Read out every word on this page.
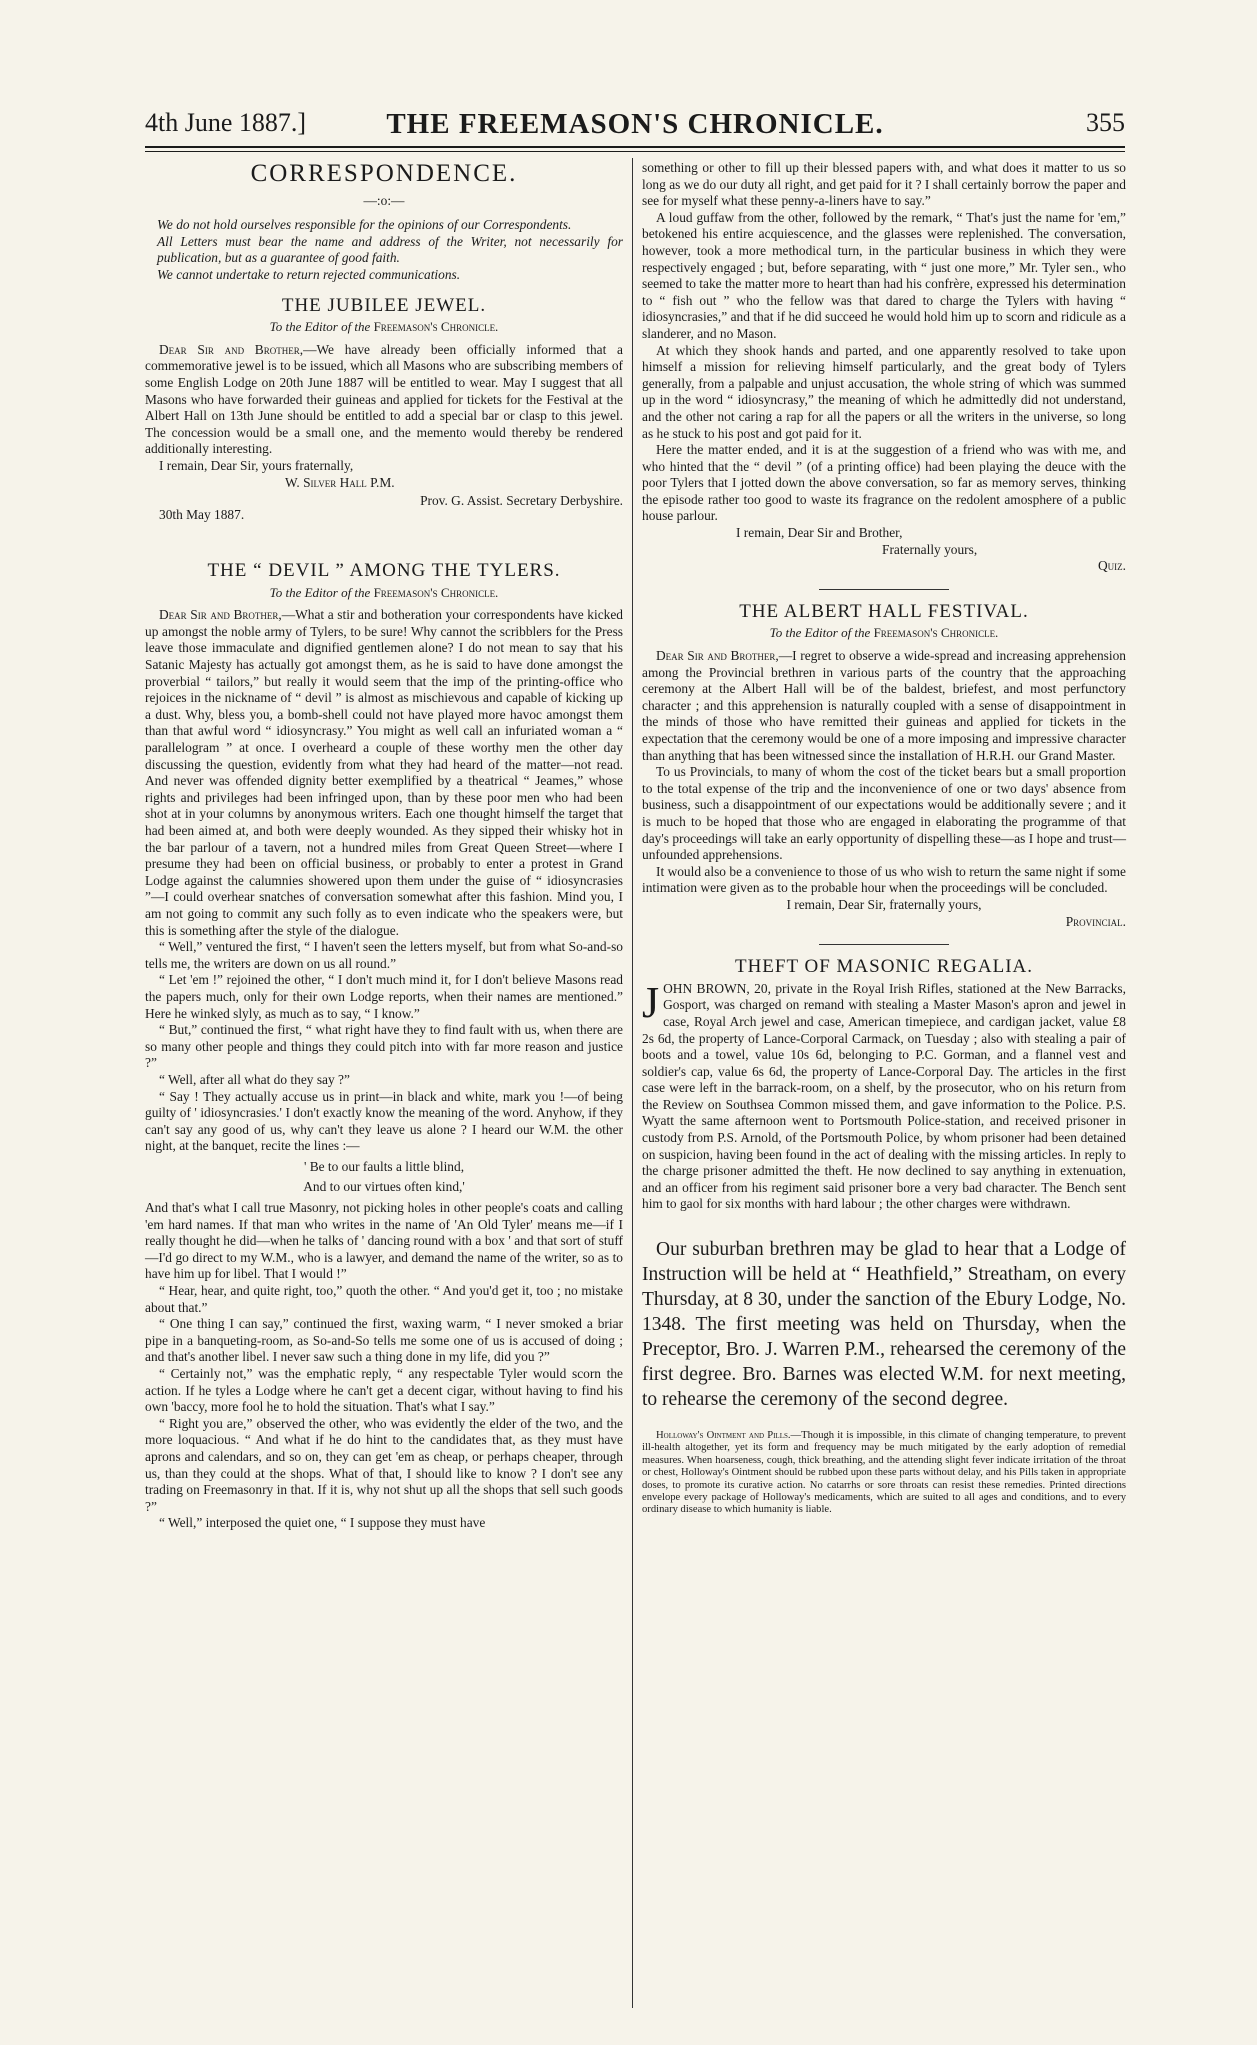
4th June 1887.]	THE FREEMASON'S CHRONICLE.	355
CORRESPONDENCE.
—:o:—

We do not hold ourselves responsible for the opinions of our Correspondents.

All Letters must bear the name and address of the Writer, not necessarily for publication, but as a guarantee of good faith.

We cannot undertake to return rejected communications.

THE JUBILEE JEWEL.
To the Editor of the Freemason's Chronicle.

Dear Sir and Brother,—We have already been officially informed that a commemorative jewel is to be issued, which all Masons who are subscribing members of some English Lodge on 20th June 1887 will be entitled to wear. May I suggest that all Masons who have forwarded their guineas and applied for tickets for the Festival at the Albert Hall on 13th June should be entitled to add a special bar or clasp to this jewel. The concession would be a small one, and the memento would thereby be rendered additionally interesting.

I remain, Dear Sir, yours fraternally,

W. Silver Hall P.M.
Prov. G. Assist. Secretary Derbyshire.
30th May 1887.
THE “ DEVIL ” AMONG THE TYLERS.
To the Editor of the Freemason's Chronicle.

Dear Sir and Brother,—What a stir and botheration your correspondents have kicked up amongst the noble army of Tylers, to be sure! Why cannot the scribblers for the Press leave those immaculate and dignified gentlemen alone? I do not mean to say that his Satanic Majesty has actually got amongst them, as he is said to have done amongst the proverbial “ tailors,” but really it would seem that the imp of the printing-office who rejoices in the nickname of “ devil ” is almost as mischievous and capable of kicking up a dust. Why, bless you, a bomb-shell could not have played more havoc amongst them than that awful word “ idiosyncrasy.” You might as well call an infuriated woman a “ parallelogram ” at once. I overheard a couple of these worthy men the other day discussing the question, evidently from what they had heard of the matter—not read. And never was offended dignity better exemplified by a theatrical “ Jeames,” whose rights and privileges had been infringed upon, than by these poor men who had been shot at in your columns by anonymous writers. Each one thought himself the target that had been aimed at, and both were deeply wounded. As they sipped their whisky hot in the bar parlour of a tavern, not a hundred miles from Great Queen Street—where I presume they had been on official business, or probably to enter a protest in Grand Lodge against the calumnies showered upon them under the guise of “ idiosyncrasies ”—I could overhear snatches of conversation somewhat after this fashion. Mind you, I am not going to commit any such folly as to even indicate who the speakers were, but this is something after the style of the dialogue.

“ Well,” ventured the first, “ I haven't seen the letters myself, but from what So-and-so tells me, the writers are down on us all round.”

“ Let 'em !” rejoined the other, “ I don't much mind it, for I don't believe Masons read the papers much, only for their own Lodge reports, when their names are mentioned.” Here he winked slyly, as much as to say, “ I know.”

“ But,” continued the first, “ what right have they to find fault with us, when there are so many other people and things they could pitch into with far more reason and justice ?”

“ Well, after all what do they say ?”

“ Say ! They actually accuse us in print—in black and white, mark you !—of being guilty of ' idiosyncrasies.' I don't exactly know the meaning of the word. Anyhow, if they can't say any good of us, why can't they leave us alone ? I heard our W.M. the other night, at the banquet, recite the lines :—

' Be to our faults a little blind,
And to our virtues often kind,'

And that's what I call true Masonry, not picking holes in other people's coats and calling 'em hard names. If that man who writes in the name of 'An Old Tyler' means me—if I really thought he did—when he talks of ' dancing round with a box ' and that sort of stuff—I'd go direct to my W.M., who is a lawyer, and demand the name of the writer, so as to have him up for libel. That I would !”

“ Hear, hear, and quite right, too,” quoth the other. “ And you'd get it, too ; no mistake about that.”

“ One thing I can say,” continued the first, waxing warm, “ I never smoked a briar pipe in a banqueting-room, as So-and-So tells me some one of us is accused of doing ; and that's another libel. I never saw such a thing done in my life, did you ?”

“ Certainly not,” was the emphatic reply, “ any respectable Tyler would scorn the action. If he tyles a Lodge where he can't get a decent cigar, without having to find his own 'baccy, more fool he to hold the situation. That's what I say.”

“ Right you are,” observed the other, who was evidently the elder of the two, and the more loquacious. “ And what if he do hint to the candidates that, as they must have aprons and calendars, and so on, they can get 'em as cheap, or perhaps cheaper, through us, than they could at the shops. What of that, I should like to know ? I don't see any trading on Freemasonry in that. If it is, why not shut up all the shops that sell such goods ?”

“ Well,” interposed the quiet one, “ I suppose they must have

something or other to fill up their blessed papers with, and what does it matter to us so long as we do our duty all right, and get paid for it ? I shall certainly borrow the paper and see for myself what these penny-a-liners have to say.”

A loud guffaw from the other, followed by the remark, “ That's just the name for 'em,” betokened his entire acquiescence, and the glasses were replenished. The conversation, however, took a more methodical turn, in the particular business in which they were respectively engaged ; but, before separating, with “ just one more,” Mr. Tyler sen., who seemed to take the matter more to heart than had his confrère, expressed his determination to “ fish out ” who the fellow was that dared to charge the Tylers with having “ idiosyncrasies,” and that if he did succeed he would hold him up to scorn and ridicule as a slanderer, and no Mason.

At which they shook hands and parted, and one apparently resolved to take upon himself a mission for relieving himself particularly, and the great body of Tylers generally, from a palpable and unjust accusation, the whole string of which was summed up in the word “ idiosyncrasy,” the meaning of which he admittedly did not understand, and the other not caring a rap for all the papers or all the writers in the universe, so long as he stuck to his post and got paid for it.

Here the matter ended, and it is at the suggestion of a friend who was with me, and who hinted that the “ devil ” (of a printing office) had been playing the deuce with the poor Tylers that I jotted down the above conversation, so far as memory serves, thinking the episode rather too good to waste its fragrance on the redolent amosphere of a public house parlour.

I remain, Dear Sir and Brother,

Fraternally yours,
Quiz.
THE ALBERT HALL FESTIVAL.
To the Editor of the Freemason's Chronicle.

Dear Sir and Brother,—I regret to observe a wide-spread and increasing apprehension among the Provincial brethren in various parts of the country that the approaching ceremony at the Albert Hall will be of the baldest, briefest, and most perfunctory character ; and this apprehension is naturally coupled with a sense of disappointment in the minds of those who have remitted their guineas and applied for tickets in the expectation that the ceremony would be one of a more imposing and impressive character than anything that has been witnessed since the installation of H.R.H. our Grand Master.

To us Provincials, to many of whom the cost of the ticket bears but a small proportion to the total expense of the trip and the inconvenience of one or two days' absence from business, such a disappointment of our expectations would be additionally severe ; and it is much to be hoped that those who are engaged in elaborating the programme of that day's proceedings will take an early opportunity of dispelling these—as I hope and trust—unfounded apprehensions.

It would also be a convenience to those of us who wish to return the same night if some intimation were given as to the probable hour when the proceedings will be concluded.

I remain, Dear Sir, fraternally yours,
Provincial.
THEFT OF MASONIC REGALIA.

JOHN BROWN, 20, private in the Royal Irish Rifles, stationed at the New Barracks, Gosport, was charged on remand with stealing a Master Mason's apron and jewel in case, Royal Arch jewel and case, American timepiece, and cardigan jacket, value £8 2s 6d, the property of Lance-Corporal Carmack, on Tuesday ; also with stealing a pair of boots and a towel, value 10s 6d, belonging to P.C. Gorman, and a flannel vest and soldier's cap, value 6s 6d, the property of Lance-Corporal Day. The articles in the first case were left in the barrack-room, on a shelf, by the prosecutor, who on his return from the Review on Southsea Common missed them, and gave information to the Police. P.S. Wyatt the same afternoon went to Portsmouth Police-station, and received prisoner in custody from P.S. Arnold, of the Portsmouth Police, by whom prisoner had been detained on suspicion, having been found in the act of dealing with the missing articles. In reply to the charge prisoner admitted the theft. He now declined to say anything in extenuation, and an officer from his regiment said prisoner bore a very bad character. The Bench sent him to gaol for six months with hard labour ; the other charges were withdrawn.

Our suburban brethren may be glad to hear that a Lodge of Instruction will be held at “ Heathfield,” Streatham, on every Thursday, at 8 30, under the sanction of the Ebury Lodge, No. 1348. The first meeting was held on Thursday, when the Preceptor, Bro. J. Warren P.M., rehearsed the ceremony of the first degree. Bro. Barnes was elected W.M. for next meeting, to rehearse the ceremony of the second degree.

Holloway's Ointment and Pills.—Though it is impossible, in this climate of changing temperature, to prevent ill-health altogether, yet its form and frequency may be much mitigated by the early adoption of remedial measures. When hoarseness, cough, thick breathing, and the attending slight fever indicate irritation of the throat or chest, Holloway's Ointment should be rubbed upon these parts without delay, and his Pills taken in appropriate doses, to promote its curative action. No catarrhs or sore throats can resist these remedies. Printed directions envelope every package of Holloway's medicaments, which are suited to all ages and conditions, and to every ordinary disease to which humanity is liable.
